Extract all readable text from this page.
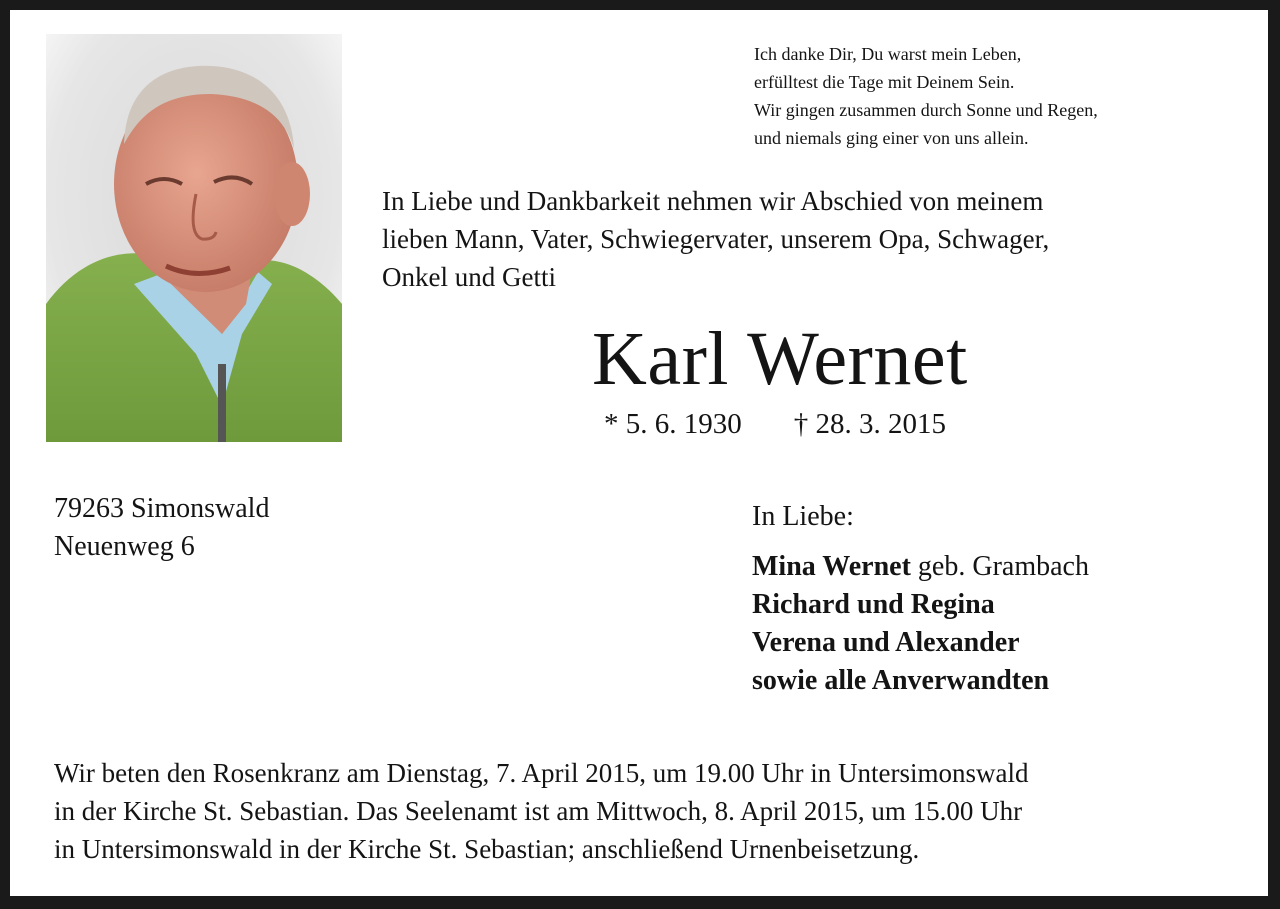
Ich danke Dir, Du warst mein Leben,
erfülltest die Tage mit Deinem Sein.
Wir gingen zusammen durch Sonne und Regen,
und niemals ging einer von uns allein.
In Liebe und Dankbarkeit nehmen wir Abschied von meinem
lieben Mann, Vater, Schwiegervater, unserem Opa, Schwager,
Onkel und Getti
Karl Wernet
* 5. 6. 1930 † 28. 3. 2015
79263 Simonswald
Neuenweg 6
In Liebe:
Mina Wernet geb. Grambach
Richard und Regina
Verena und Alexander
sowie alle Anverwandten
Wir beten den Rosenkranz am Dienstag, 7. April 2015, um 19.00 Uhr in Untersimonswald
in der Kirche St. Sebastian. Das Seelenamt ist am Mittwoch, 8. April 2015, um 15.00 Uhr
in Untersimonswald in der Kirche St. Sebastian; anschließend Urnenbeisetzung.
